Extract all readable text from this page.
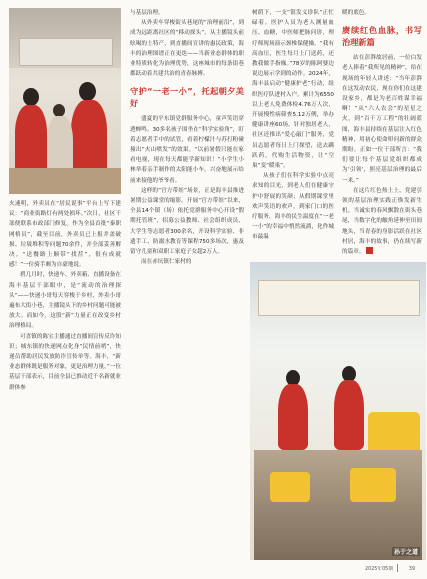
火速明，外卖员在“居民说事”平台上写下建议：“商业街路灯有两处损坏。”次日，社区干部便联系市政部门修复。作为全县首批“秦职网格员”，截至目前，外卖员已上报井盖破损、垃圾堆积等问题70余件，并全部妥善解决。“送餐路上顺带“找茬”，很有成就感！”一位骑手颇为自豪地说。

碧几月时，快递车、外卖箱、直播设备在海丰基层干部眼中，是“流动的治理探头”——快递小哥每天穿梭于乡村，外卖小哥遍布大街小巷，主播镜头下的乡村问题可能被放大。而如今，这股“新”力量正在改变乡村治理格局。

可喜镇的陈宝主播通过直播间宣传反诈知识；城东镇的快递网点化身“民情前哨”，快递员帮助居民发放防诈宣传单等。海丰，“新业态群体既是服务对象，更是治理力量。”一位基层干部表示，目前全县已推动近千名新就业群体参

与基层治理。

从外卖车穿梭街头巷尾的“治理前沿”，到成为远距离社区的“移动探头”，从主播镜头前吆喝的土特产，到直播间宣讲的惠民政策，海丰的治理图谱正在更迭——当新业态群体的职业特质转化为治理优势，这座城市的每条街巷都跃动着共建共治的青春脉搏。

守护“一老一小”，托起朝夕美好

盛夏的平东镇党群服务中心，童声笑语穿透蝉鸣。30多名孩子围坐在“科学实验角”，盯着志愿者手中的试管，看着柠檬汁与苏打粉碰撞出“火山喷发”的效果。“以前暑假只能在家看电视，现在每天都能学新知识！”小学生小林举着亲手制作的太阳能小车，兴奋地展示给前来接他的爷爷看。

这样的“官方带娃”场景，正是海丰县推进暑期公益课堂的缩影。开展“官方带娃”以来，全县14个镇（场）依托党群服务中心开设“假期托管班”，招募公益教师、社会组织成员、大学生等志愿者300余名，开设科学实验、非遗手工、防溺水教育等课程750多场次，惠及留守儿童和双职工家庭子女超2万人。

而在赤坑镇仁家村的

树荫下，一支“银发义诊队”正忙碌着。医护人员为老人测量血压、血糖，中医师把脉问诊，理疗师现场演示颈椎保健操。“我有高血压，医生每月上门送药，还教我做手指操。”78岁的陈阿婆边说边展示学到的动作。2024年，海丰县启动“健康护老”行动，组织医疗队进村入户，累计为6550以上老人免费体检4.76万人次，开展慢性病筛查5.12万例，举办健康讲座60场，针对独居老人，社区还推出“爱心敲门”服务，党员志愿者每日上门探望，送去蹒跃药，代购生活物资，让“空巢”变“暖巢”。

从孩子们在科学实验中点亮求知的目光，到老人们在健康守护中舒展的笑颜；从假期课堂里欢声笑语的欢声，到家门口的医疗服务，海丰的民生温度在“一老一小”的幸福中悄然流淌，化作城市最温

暖的底色。

赓续红色血脉，书写治理新篇

站在彭湃故居前，一位白发老人捧着“我所见的精神”，给在现场的年轻人讲述：“当年彭湃在这发动农民，现在你们在这建设家乡，都是为老百姓谋幸福啊！”从“六人农会”的星星之火，到“百千万工程”的壮阔蓝图，海丰县持续在基层注入红色精神，用初心使命叩问新的群众期盼。正如一位干部所言：“我们要让每个基层党组织都成为‘引领'，照亮基层治理的最后一米。”

在这片红色热土上，党建引领的基层治理实践正焕发新生机。当诚实的春风飘散在街头巷尾，当数字化的触角延伸至田间地头，当青春的身影活跃在社区村居，海丰的故事，仍在续写新的篇章。

孙于之道
2025年05期	39
